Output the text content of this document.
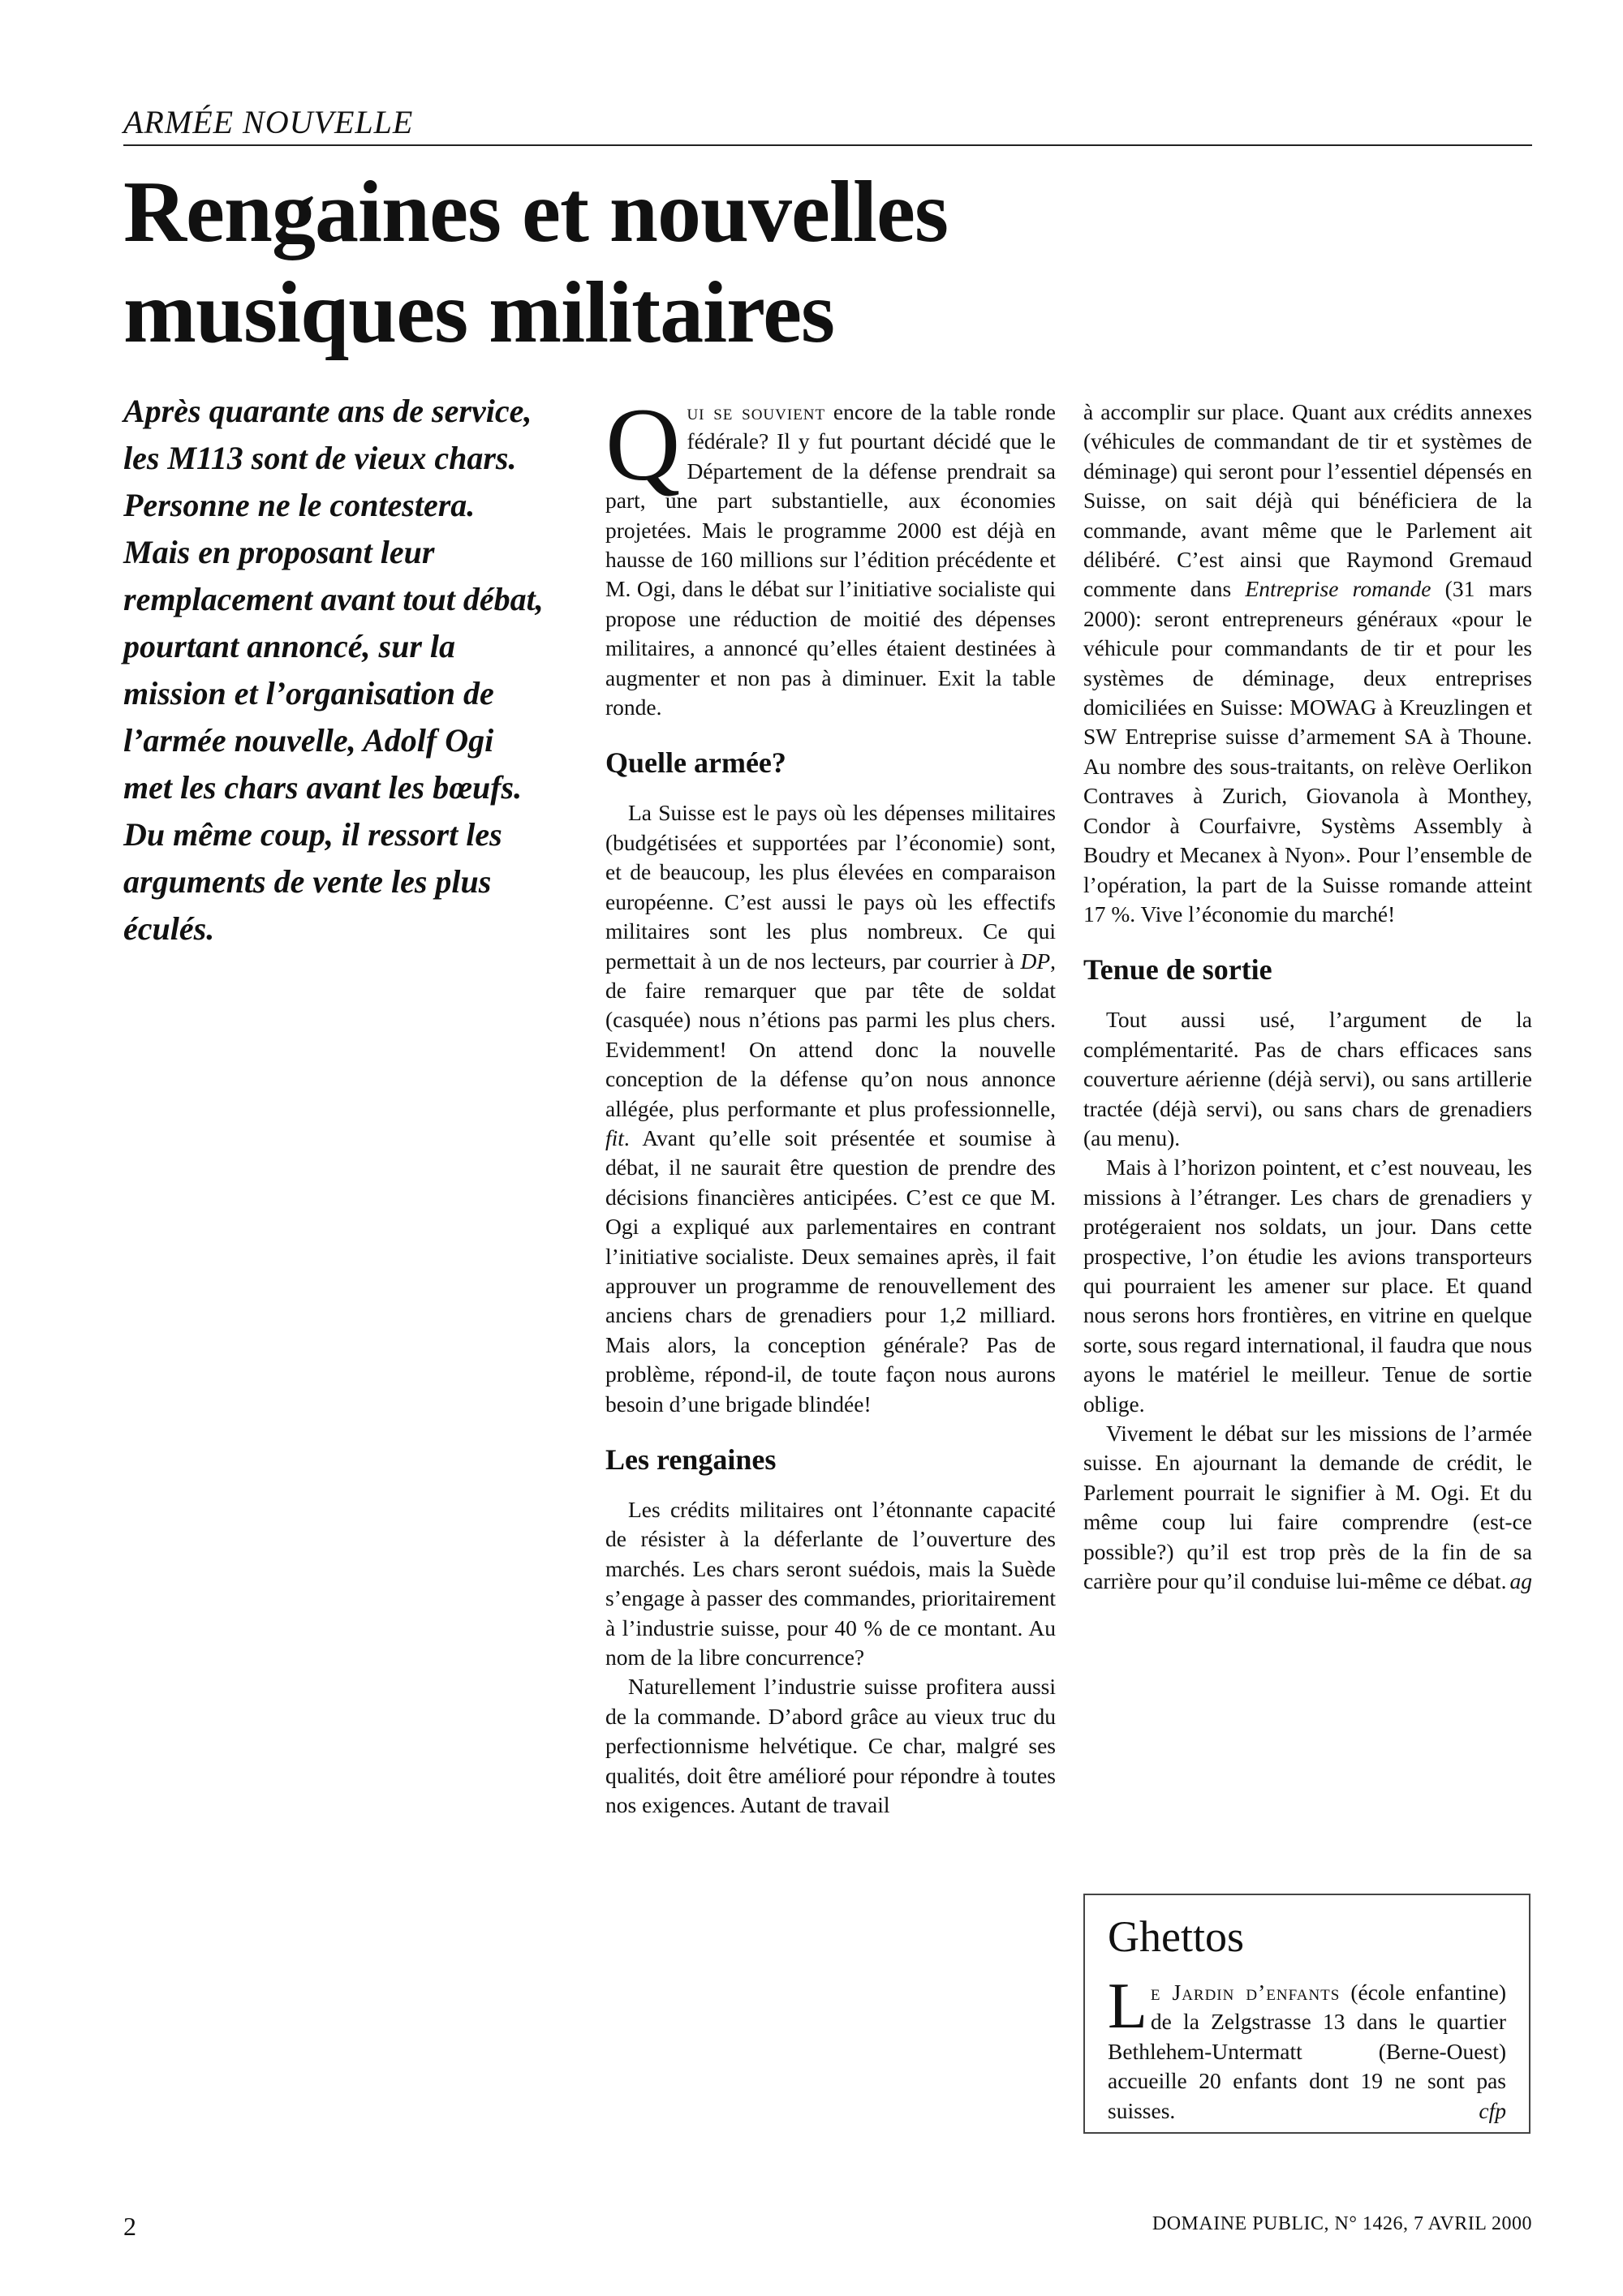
ARMÉE NOUVELLE
Rengaines et nouvelles
musiques militaires

Après quarante ans de service, les M113 sont de vieux chars. Personne ne le contestera.

Mais en proposant leur remplacement avant tout débat, pourtant annoncé, sur la mission et l’organisation de l’armée nouvelle, Adolf Ogi met les chars avant les bœufs. Du même coup, il ressort les arguments de vente les plus éculés.

Qui se souvient encore de la table ronde fédérale? Il y fut pourtant décidé que le Département de la défense prendrait sa part, une part substantielle, aux économies projetées. Mais le programme 2000 est déjà en hausse de 160 millions sur l’édition précédente et M. Ogi, dans le débat sur l’initiative socialiste qui propose une réduction de moitié des dépenses militaires, a annoncé qu’elles étaient destinées à augmenter et non pas à diminuer. Exit la table ronde.

Quelle armée?

La Suisse est le pays où les dépenses militaires (budgétisées et supportées par l’économie) sont, et de beaucoup, les plus élevées en comparaison européenne. C’est aussi le pays où les effectifs militaires sont les plus nombreux. Ce qui permettait à un de nos lecteurs, par courrier à DP, de faire remarquer que par tête de soldat (casquée) nous n’étions pas parmi les plus chers. Evidemment! On attend donc la nouvelle conception de la défense qu’on nous annonce allégée, plus performante et plus professionnelle, fit. Avant qu’elle soit présentée et soumise à débat, il ne saurait être question de prendre des décisions financières anticipées. C’est ce que M. Ogi a expliqué aux parlementaires en contrant l’initiative socialiste. Deux semaines après, il fait approuver un programme de renouvellement des anciens chars de grenadiers pour 1,2 milliard. Mais alors, la conception générale? Pas de problème, répond-il, de toute façon nous aurons besoin d’une brigade blindée!

Les rengaines

Les crédits militaires ont l’étonnante capacité de résister à la déferlante de l’ouverture des marchés. Les chars seront suédois, mais la Suède s’engage à passer des commandes, prioritairement à l’industrie suisse, pour 40 % de ce montant. Au nom de la libre concurrence?

Naturellement l’industrie suisse profitera aussi de la commande. D’abord grâce au vieux truc du perfectionnisme helvétique. Ce char, malgré ses qualités, doit être amélioré pour répondre à toutes nos exigences. Autant de travail

à accomplir sur place. Quant aux crédits annexes (véhicules de commandant de tir et systèmes de déminage) qui seront pour l’essentiel dépensés en Suisse, on sait déjà qui bénéficiera de la commande, avant même que le Parlement ait délibéré. C’est ainsi que Raymond Gremaud commente dans Entreprise romande (31 mars 2000): seront entrepreneurs généraux «pour le véhicule pour commandants de tir et pour les systèmes de déminage, deux entreprises domiciliées en Suisse: MOWAG à Kreuzlingen et SW Entreprise suisse d’armement SA à Thoune. Au nombre des sous-traitants, on relève Oerlikon Contraves à Zurich, Giovanola à Monthey, Condor à Courfaivre, Systèms Assembly à Boudry et Mecanex à Nyon». Pour l’ensemble de l’opération, la part de la Suisse romande atteint 17 %. Vive l’économie du marché!

Tenue de sortie

Tout aussi usé, l’argument de la complémentarité. Pas de chars efficaces sans couverture aérienne (déjà servi), ou sans artillerie tractée (déjà servi), ou sans chars de grenadiers (au menu).

Mais à l’horizon pointent, et c’est nouveau, les missions à l’étranger. Les chars de grenadiers y protégeraient nos soldats, un jour. Dans cette prospective, l’on étudie les avions transporteurs qui pourraient les amener sur place. Et quand nous serons hors frontières, en vitrine en quelque sorte, sous regard international, il faudra que nous ayons le matériel le meilleur. Tenue de sortie oblige.

Vivement le débat sur les missions de l’armée suisse. En ajournant la demande de crédit, le Parlement pourrait le signifier à M. Ogi. Et du même coup lui faire comprendre (est-ce possible?) qu’il est trop près de la fin de sa carrière pour qu’il conduise lui-même ce débat. ag
Ghettos

Le Jardin d’enfants (école enfantine) de la Zelgstrasse 13 dans le quartier Bethlehem-Untermatt (Berne-Ouest) accueille 20 enfants dont 19 ne sont pas suisses.	cfp

2	DOMAINE PUBLIC, N° 1426, 7 AVRIL 2000
